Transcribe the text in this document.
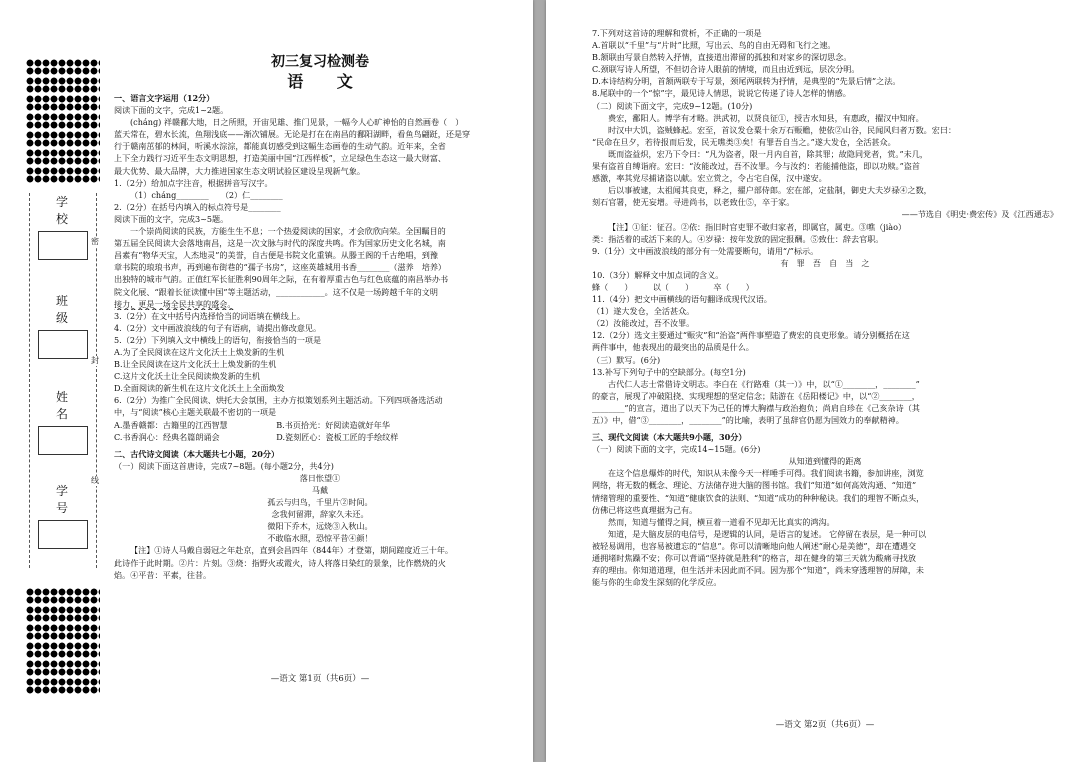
密
封
线
学校
班级
姓名
学号
初三复习检测卷
语 文
一、语言文字运用（12分）
阅读下面的文字，完成1~2题。
(chánɡ) 祥赣鄱大地，日之所照，开宙见雄、推门见景，一幅今人心旷神怡的自然画卷（　）
蓝天常在，碧水长流，鱼翔浅底——渐次铺展。无论是打在在南昌的鄱阳湖畔，看鱼鸟翩跹，还是穿
行于赣南茁郁的林间，听溪水淙淙，都能真切感受到这幅生态画卷的生动气韵。近年来，全省
上下全力践行习近平生态文明思想，打造美丽中国“江西样板”，立足绿色生态这一最大财富、
最大优势、最大品牌，大力推进国家生态文明试验区建设呈现新气象。
1.（2分）给加点字注音，根据拼音写汉字。
（1）cháng________　　（2）仁________
2.（2分）在括号内填入的标点符号是________
阅读下面的文字，完成3~5题。
一个崇尚阅读的民族，方能生生不息；一个热爱阅读的国家，才会欣欣向荣。全国瞩目的
第五届全民阅读大会落地南昌，这是一次文脉与时代的深度共鸣。作为国家历史文化名城，南
昌素有“物华天宝，人杰地灵”的美誉，自古便是书院文化重镇。从滕王阁的千古绝唱，到豫
章书院的琅琅书声，再到遍布街巷的“孺子书房”，这座英雄城用书香________（滋养　培养）
出独特的城市气韵。正值红军长征胜利90周年之际，在有着厚重古色与红色底蕴的南昌举办书
院文化展、“跟着长征读懂中国”等主题活动，____________。这不仅是一场跨越千年的文明
接力，更是一场全民共享的盛会。
3.（2分）在文中括号内选择恰当的词语填在横线上。
4.（2分）文中画波浪线的句子有语病，请提出修改意见。
5.（2分）下列填入文中横线上的语句，衔接恰当的一项是
A.为了全民阅读在这片文化沃土上焕发新的生机
B.让全民阅读在这片文化沃土上焕发新的生机
C.这片文化沃土让全民阅读焕发新的生机
D.全面阅读的新生机在这片文化沃土上全面焕发
6.（2分）为推广全民阅读、烘托大会氛围，主办方拟策划系列主题活动。下列四项备选活动
中，与“阅读”核心主题关联最不密切的一项是
A.墨香赣都：古籍里的江西智慧　　　　　　B.书页拾光：好阅读造就好年华
C.书香润心：经典名篇朗诵会　　　　　　　D.瓷刻匠心：瓷板工匠的手绘纹样
二、古代诗文阅读（本大题共七小题，20分）
（一）阅读下面这首唐诗，完成7~8题。(每小题2分，共4分)
落日怅望①
马戴
孤云与归鸟，千里片②时间。
念我何留滞，辞家久未还。
微阳下乔木，远烧③入秋山。
不敢临水照，恐惊平昔④颜！
【注】①诗人马戴自弱冠之年赴京，直到会昌四年（844年）才登第，期间蹉度近三十年。
此诗作于此时期。②片：片刻。③烧：指野火或霞火，诗人将落日染红的景象，比作燃烧的火
焰。④平昔：平素，往昔。
—语文 第1页（共6页）—
7.下列对这首诗的理解和赏析，不正确的一项是
A.首联以“千里”与“片时”比照，写出云、鸟的自由无碍和飞行之速。
B.颔联由写景自然转入抒情，直接道出滞留的孤独和对家乡的深切思念。
C.颈联写诗人所望，不但切合诗人眼前的情境，而且由近到远，层次分明。
D.本诗结构分明，首颔两联专于写景，颈尾两联转为抒情，是典型的“先景后情”之法。
8.尾联中的一个“惊”字，最见诗人情思，说说它传递了诗人怎样的情感。
（二）阅读下面文字，完成9~12题。(10分)
费宏，鄱阳人。博学有才略。洪武初，以贤良征①，授吉水知县，有惠政，擢汉中知府。
时汉中大饥，盗贼蜂起。宏至，首议发仓粟十余万石赈赡，使依②山谷，民闻风归者万数。宏曰：
“民命在旦夕，若待报而后发，民无噍类③矣！有罪吾自当之。”遂大发仓，全活甚众。
既而盗益炽，宏乃下令曰：“凡为盗者，限一月内自首，除其罪；故隐同党者，赏。”未几，
果有盗首自缚诣府。宏曰：“汝能改过，吾不汝罪。今与汝约：若能捕他盗，即以功赎。”盗首
感激，率其党尽捕诸盗以献。宏立赏之，令占宅自保，汉中遂安。
后以事被逮，太祖闻其良吏，释之，擢户部侍郎。宏在部，定盐制，御史大夫岁禄④之数，
刻石官署，使无妄增。寻进尚书，以老致仕⑤，卒于家。
——节选自《明史·费宏传》及《江西通志》
【注】①征：征召。②依：指旧时官吏罪不敢归家者，即属官，属吏。③噍（jiào）
类：指活着的或活下来的人。④岁禄：按年发放的固定报酬。⑤致仕：辞去官职。
9.（1分）文中画波浪线的部分有一处需要断句，请用“/”标示。
有　罪　吾　自　当　之
10.（3分）解释文中加点词的含义。
蜂（　　）　　　以（　　）　　　卒（　　）
11.（4分）把文中画横线的语句翻译成现代汉语。
（1）遂大发仓，全活甚众。
（2）汝能改过，吾不汝罪。
12.（2分）选文主要通过“赈灾”和“治盗”两件事塑造了费宏的良吏形象。请分别概括在这
两件事中，他表现出的最突出的品质是什么。
（三）默写。(6分)
13.补写下列句子中的空缺部分。(每空1分)
古代仁人志士常借诗文明志。李白在《行路难（其一）》中，以“①________，________”
的豪言，展现了冲破阻挠、实现理想的坚定信念；陆游在《岳阳楼记》中，以“②________，
________”的宣言，道出了以天下为己任的博大胸襟与政治抱负；尚肩自珍在《己亥杂诗（其
五）》中，借“③________，________”的比喻，表明了虽辞官仍愿为国效力的奉献精神。
三、现代文阅读（本大题共9小题，30分）
（一）阅读下面的文字，完成14~15题。(6分)
从知道到懂得的距离
在这个信息爆炸的时代，知识从未像今天一样唾手可得。我们阅读书籍，参加讲座，浏览
网络，将无数的概念、理论、方法储存进大脑的图书馆。我们“知道”如何高效沟通、“知道”
情绪管理的重要性、“知道”健康饮食的法则、“知道”成功的种种秘诀。我们的理智不断点头，
仿佛已将这些真理据为己有。
然而，知道与懂得之间，横亘着一道看不见却无比真实的鸿沟。
知道，是大脑皮层的电信号，是逻辑的认同，是语言的复述。 它停留在表层，是一种可以
被轻易调用，也容易被遗忘的“信息”。你可以清晰地向他人阐述“耐心是美德”，却在遭遇交
通拥堵时焦躁不安；你可以背诵“坚持就是胜利”的格言，却在健身的第三天就为酸痛寻找放
弃的理由。你知道道理，但生活并未因此而不同。因为那个“知道”，尚未穿透理智的屏障，未
能与你的生命发生深刻的化学反应。
—语文 第2页（共6页）—
